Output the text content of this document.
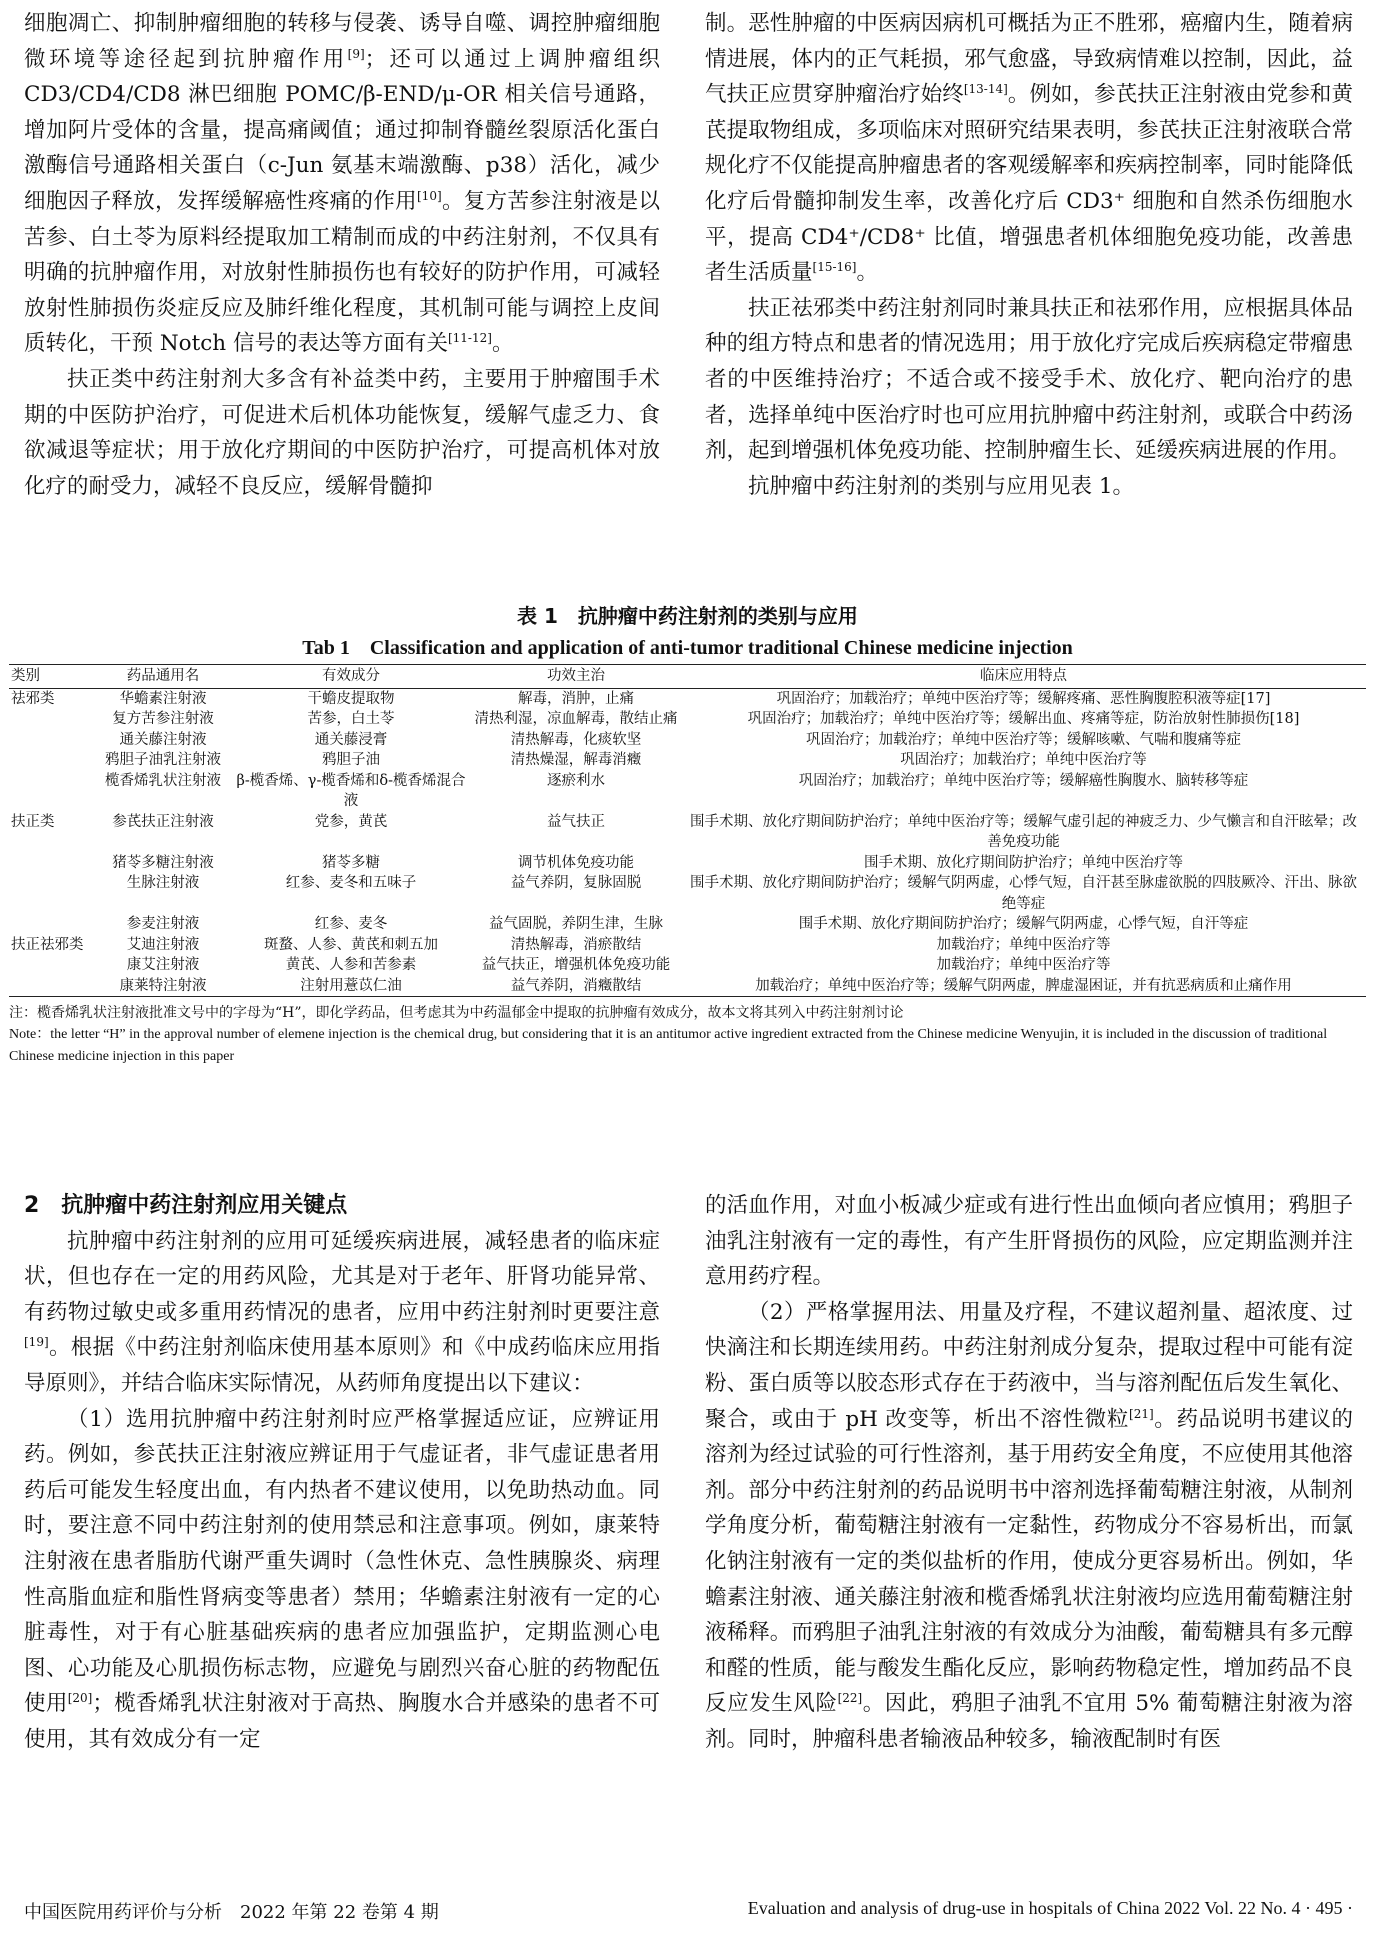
细胞凋亡、抑制肿瘤细胞的转移与侵袭、诱导自噬、调控肿瘤细胞微环境等途径起到抗肿瘤作用[9]；还可以通过上调肿瘤组织 CD3/CD4/CD8 淋巴细胞 POMC/β-END/μ-OR 相关信号通路，增加阿片受体的含量，提高痛阈值；通过抑制脊髓丝裂原活化蛋白激酶信号通路相关蛋白（c-Jun 氨基末端激酶、p38）活化，减少细胞因子释放，发挥缓解癌性疼痛的作用[10]。复方苦参注射液是以苦参、白土苓为原料经提取加工精制而成的中药注射剂，不仅具有明确的抗肿瘤作用，对放射性肺损伤也有较好的防护作用，可减轻放射性肺损伤炎症反应及肺纤维化程度，其机制可能与调控上皮间质转化，干预 Notch 信号的表达等方面有关[11-12]。

扶正类中药注射剂大多含有补益类中药，主要用于肿瘤围手术期的中医防护治疗，可促进术后机体功能恢复，缓解气虚乏力、食欲减退等症状；用于放化疗期间的中医防护治疗，可提高机体对放化疗的耐受力，减轻不良反应，缓解骨髓抑

制。恶性肿瘤的中医病因病机可概括为正不胜邪，癌瘤内生，随着病情进展，体内的正气耗损，邪气愈盛，导致病情难以控制，因此，益气扶正应贯穿肿瘤治疗始终[13-14]。例如，参芪扶正注射液由党参和黄芪提取物组成，多项临床对照研究结果表明，参芪扶正注射液联合常规化疗不仅能提高肿瘤患者的客观缓解率和疾病控制率，同时能降低化疗后骨髓抑制发生率，改善化疗后 CD3⁺ 细胞和自然杀伤细胞水平，提高 CD4⁺/CD8⁺ 比值，增强患者机体细胞免疫功能，改善患者生活质量[15-16]。

扶正祛邪类中药注射剂同时兼具扶正和祛邪作用，应根据具体品种的组方特点和患者的情况选用；用于放化疗完成后疾病稳定带瘤患者的中医维持治疗；不适合或不接受手术、放化疗、靶向治疗的患者，选择单纯中医治疗时也可应用抗肿瘤中药注射剂，或联合中药汤剂，起到增强机体免疫功能、控制肿瘤生长、延缓疾病进展的作用。

抗肿瘤中药注射剂的类别与应用见表 1。

表 1　抗肿瘤中药注射剂的类别与应用
Tab 1　Classification and application of anti-tumor traditional Chinese medicine injection
类别	药品通用名	有效成分	功效主治	临床应用特点
祛邪类	华蟾素注射液	干蟾皮提取物	解毒，消肿，止痛	巩固治疗；加载治疗；单纯中医治疗等；缓解疼痛、恶性胸腹腔积液等症[17]
	复方苦参注射液	苦参，白土苓	清热利湿，凉血解毒，散结止痛	巩固治疗；加载治疗；单纯中医治疗等；缓解出血、疼痛等症，防治放射性肺损伤[18]
	通关藤注射液	通关藤浸膏	清热解毒，化痰软坚	巩固治疗；加载治疗；单纯中医治疗等；缓解咳嗽、气喘和腹痛等症
	鸦胆子油乳注射液	鸦胆子油	清热燥湿，解毒消癥	巩固治疗；加载治疗；单纯中医治疗等
	榄香烯乳状注射液	β-榄香烯、γ-榄香烯和δ-榄香烯混合液	逐瘀利水	巩固治疗；加载治疗；单纯中医治疗等；缓解癌性胸腹水、脑转移等症
扶正类	参芪扶正注射液	党参，黄芪	益气扶正	围手术期、放化疗期间防护治疗；单纯中医治疗等；缓解气虚引起的神疲乏力、少气懒言和自汗眩晕；改善免疫功能
	猪苓多糖注射液	猪苓多糖	调节机体免疫功能	围手术期、放化疗期间防护治疗；单纯中医治疗等
	生脉注射液	红参、麦冬和五味子	益气养阴，复脉固脱	围手术期、放化疗期间防护治疗；缓解气阴两虚，心悸气短，自汗甚至脉虚欲脱的四肢厥冷、汗出、脉欲绝等症
	参麦注射液	红参、麦冬	益气固脱，养阴生津，生脉	围手术期、放化疗期间防护治疗；缓解气阴两虚，心悸气短，自汗等症
扶正祛邪类	艾迪注射液	斑蝥、人参、黄芪和刺五加	清热解毒，消瘀散结	加载治疗；单纯中医治疗等
	康艾注射液	黄芪、人参和苦参素	益气扶正，增强机体免疫功能	加载治疗；单纯中医治疗等
	康莱特注射液	注射用薏苡仁油	益气养阴，消癥散结	加载治疗；单纯中医治疗等；缓解气阴两虚，脾虚湿困证，并有抗恶病质和止痛作用
注：榄香烯乳状注射液批准文号中的字母为“H”，即化学药品，但考虑其为中药温郁金中提取的抗肿瘤有效成分，故本文将其列入中药注射剂讨论
Note：the letter “H” in the approval number of elemene injection is the chemical drug, but considering that it is an antitumor active ingredient extracted from the Chinese medicine Wenyujin, it is included in the discussion of traditional Chinese medicine injection in this paper

2　抗肿瘤中药注射剂应用关键点

抗肿瘤中药注射剂的应用可延缓疾病进展，减轻患者的临床症状，但也存在一定的用药风险，尤其是对于老年、肝肾功能异常、有药物过敏史或多重用药情况的患者，应用中药注射剂时更要注意[19]。根据《中药注射剂临床使用基本原则》和《中成药临床应用指导原则》，并结合临床实际情况，从药师角度提出以下建议：

（1）选用抗肿瘤中药注射剂时应严格掌握适应证，应辨证用药。例如，参芪扶正注射液应辨证用于气虚证者，非气虚证患者用药后可能发生轻度出血，有内热者不建议使用，以免助热动血。同时，要注意不同中药注射剂的使用禁忌和注意事项。例如，康莱特注射液在患者脂肪代谢严重失调时（急性休克、急性胰腺炎、病理性高脂血症和脂性肾病变等患者）禁用；华蟾素注射液有一定的心脏毒性，对于有心脏基础疾病的患者应加强监护，定期监测心电图、心功能及心肌损伤标志物，应避免与剧烈兴奋心脏的药物配伍使用[20]；榄香烯乳状注射液对于高热、胸腹水合并感染的患者不可使用，其有效成分有一定

的活血作用，对血小板减少症或有进行性出血倾向者应慎用；鸦胆子油乳注射液有一定的毒性，有产生肝肾损伤的风险，应定期监测并注意用药疗程。

（2）严格掌握用法、用量及疗程，不建议超剂量、超浓度、过快滴注和长期连续用药。中药注射剂成分复杂，提取过程中可能有淀粉、蛋白质等以胶态形式存在于药液中，当与溶剂配伍后发生氧化、聚合，或由于 pH 改变等，析出不溶性微粒[21]。药品说明书建议的溶剂为经过试验的可行性溶剂，基于用药安全角度，不应使用其他溶剂。部分中药注射剂的药品说明书中溶剂选择葡萄糖注射液，从制剂学角度分析，葡萄糖注射液有一定黏性，药物成分不容易析出，而氯化钠注射液有一定的类似盐析的作用，使成分更容易析出。例如，华蟾素注射液、通关藤注射液和榄香烯乳状注射液均应选用葡萄糖注射液稀释。而鸦胆子油乳注射液的有效成分为油酸，葡萄糖具有多元醇和醛的性质，能与酸发生酯化反应，影响药物稳定性，增加药品不良反应发生风险[22]。因此，鸦胆子油乳不宜用 5% 葡萄糖注射液为溶剂。同时，肿瘤科患者输液品种较多，输液配制时有医

中国医院用药评价与分析　2022 年第 22 卷第 4 期	Evaluation and analysis of drug-use in hospitals of China 2022 Vol. 22 No. 4 · 495 ·
